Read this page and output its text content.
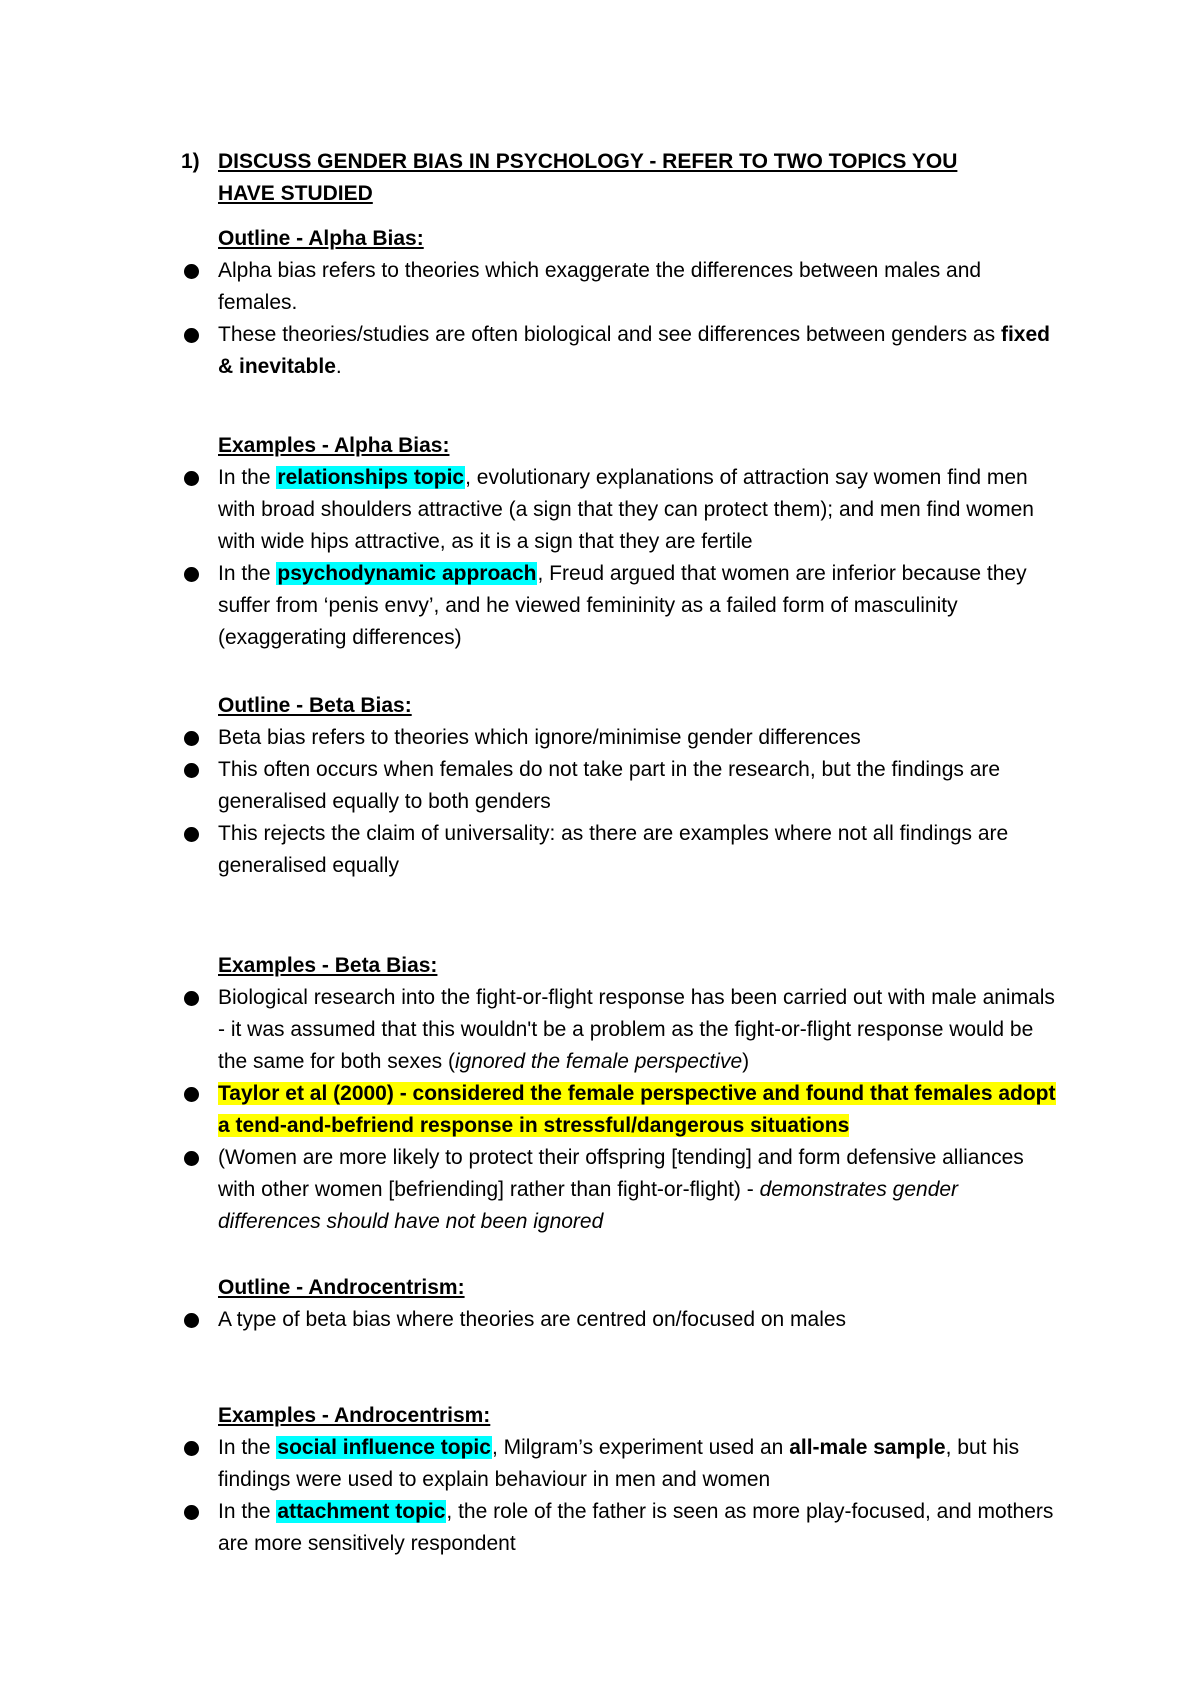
1) DISCUSS GENDER BIAS IN PSYCHOLOGY - REFER TO TWO TOPICS YOU HAVE STUDIED
Outline - Alpha Bias:
Alpha bias refers to theories which exaggerate the differences between males and females.
These theories/studies are often biological and see differences between genders as fixed & inevitable.
Examples - Alpha Bias:
In the relationships topic, evolutionary explanations of attraction say women find men with broad shoulders attractive (a sign that they can protect them); and men find women with wide hips attractive, as it is a sign that they are fertile
In the psychodynamic approach, Freud argued that women are inferior because they suffer from ‘penis envy’, and he viewed femininity as a failed form of masculinity (exaggerating differences)
Outline - Beta Bias:
Beta bias refers to theories which ignore/minimise gender differences
This often occurs when females do not take part in the research, but the findings are generalised equally to both genders
This rejects the claim of universality: as there are examples where not all findings are generalised equally
Examples - Beta Bias:
Biological research into the fight-or-flight response has been carried out with male animals - it was assumed that this wouldn't be a problem as the fight-or-flight response would be the same for both sexes (ignored the female perspective)
Taylor et al (2000) - considered the female perspective and found that females adopt a tend-and-befriend response in stressful/dangerous situations
(Women are more likely to protect their offspring [tending] and form defensive alliances with other women [befriending] rather than fight-or-flight) - demonstrates gender differences should have not been ignored
Outline - Androcentrism:
A type of beta bias where theories are centred on/focused on males
Examples - Androcentrism:
In the social influence topic, Milgram’s experiment used an all-male sample, but his findings were used to explain behaviour in men and women
In the attachment topic, the role of the father is seen as more play-focused, and mothers are more sensitively respondent
